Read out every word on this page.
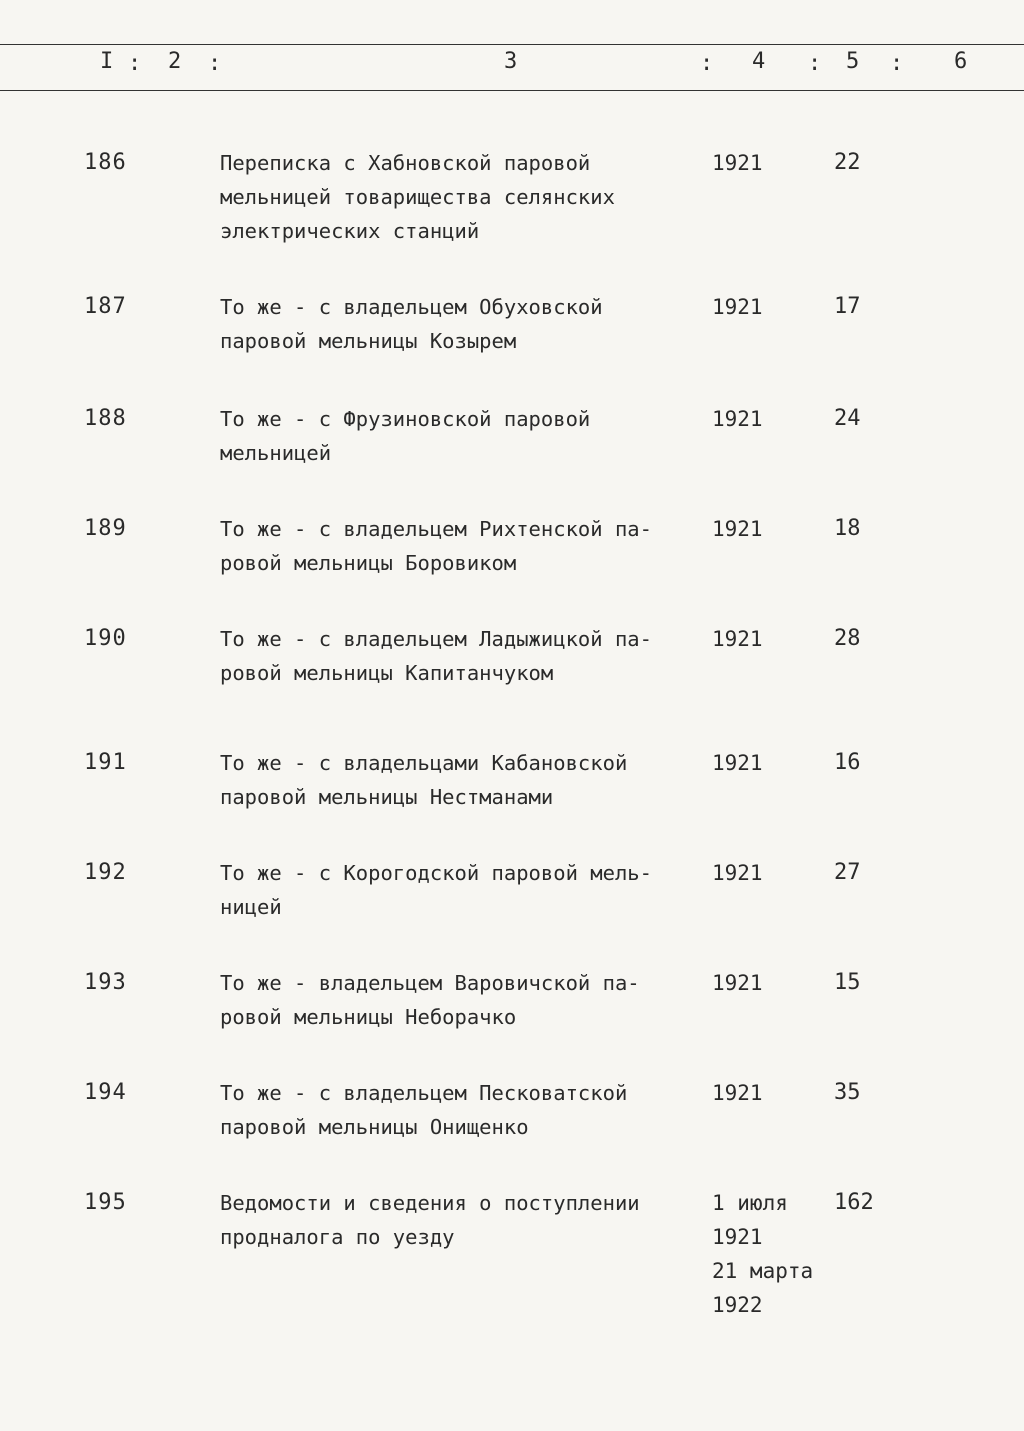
I : 2 :	3	: 4 : 5 : 6
186	Переписка с Хабновской паровой
мельницей товарищества селянских
электрических станций
1921	22
187	То же - с владельцем Обуховской
паровой мельницы Козырем
1921	17
188	То же - с Фрузиновской паровой
мельницей
1921	24
189	То же - с владельцем Рихтенской па-
ровой мельницы Боровиком
1921	18
190	То же - с владельцем Ладыжицкой па-
ровой мельницы Капитанчуком
1921	28
191	То же - с владельцами Кабановской
паровой мельницы Нестманами
1921	16
192	То же - с Корогодской паровой мель-
ницей
1921	27
193	То же - владельцем Варовичской па-
ровой мельницы Неборачко
1921	15
194	То же - с владельцем Песковатской
паровой мельницы Онищенко
1921	35
195	Ведомости и сведения о поступлении
продналога по уезду
1 июля
1921
21 марта
1922
162
